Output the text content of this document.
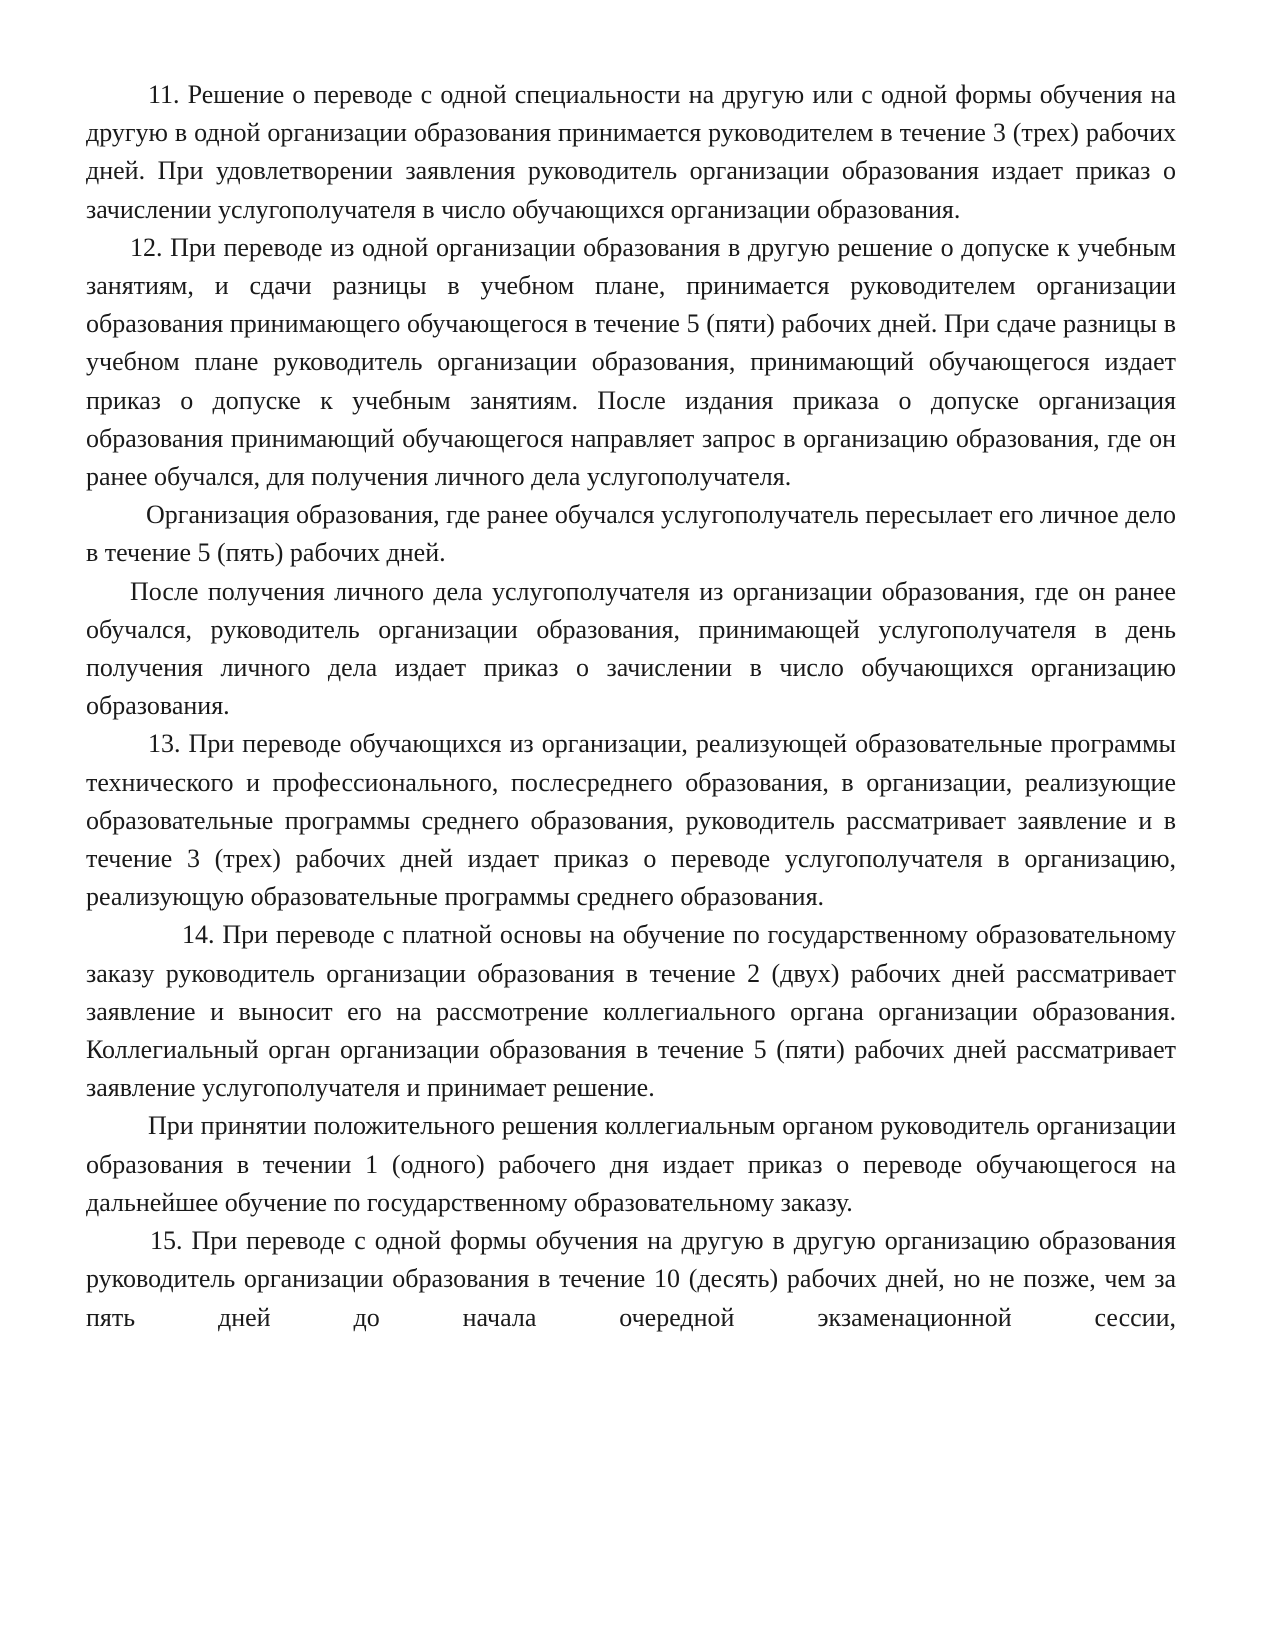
11. Решение о переводе с одной специальности на другую или с одной формы обучения на другую в одной организации образования принимается руководителем в течение 3 (трех) рабочих дней. При удовлетворении заявления руководитель организации образования издает приказ о зачислении услугополучателя в число обучающихся организации образования.

12. При переводе из одной организации образования в другую решение о допуске к учебным занятиям, и сдачи разницы в учебном плане, принимается руководителем организации образования принимающего обучающегося в течение 5 (пяти) рабочих дней. При сдаче разницы в учебном плане руководитель организации образования, принимающий обучающегося издает приказ о допуске к учебным занятиям. После издания приказа о допуске организация образования принимающий обучающегося направляет запрос в организацию образования, где он ранее обучался, для получения личного дела услугополучателя.

Организация образования, где ранее обучался услугополучатель пересылает его личное дело в течение 5 (пять) рабочих дней.

После получения личного дела услугополучателя из организации образования, где он ранее обучался, руководитель организации образования, принимающей услугополучателя в день получения личного дела издает приказ о зачислении в число обучающихся организацию образования.

13. При переводе обучающихся из организации, реализующей образовательные программы технического и профессионального, послесреднего образования, в организации, реализующие образовательные программы среднего образования, руководитель рассматривает заявление и в течение 3 (трех) рабочих дней издает приказ о переводе услугополучателя в организацию, реализующую образовательные программы среднего образования.

14. При переводе с платной основы на обучение по государственному образовательному заказу руководитель организации образования в течение 2 (двух) рабочих дней рассматривает заявление и выносит его на рассмотрение коллегиального органа организации образования. Коллегиальный орган организации образования в течение 5 (пяти) рабочих дней рассматривает заявление услугополучателя и принимает решение.

При принятии положительного решения коллегиальным органом руководитель организации образования в течении 1 (одного) рабочего дня издает приказ о переводе обучающегося на дальнейшее обучение по государственному образовательному заказу.

15. При переводе с одной формы обучения на другую в другую организацию образования руководитель организации образования в течение 10 (десять) рабочих дней, но не позже, чем за пять дней до начала очередной экзаменационной сессии,
